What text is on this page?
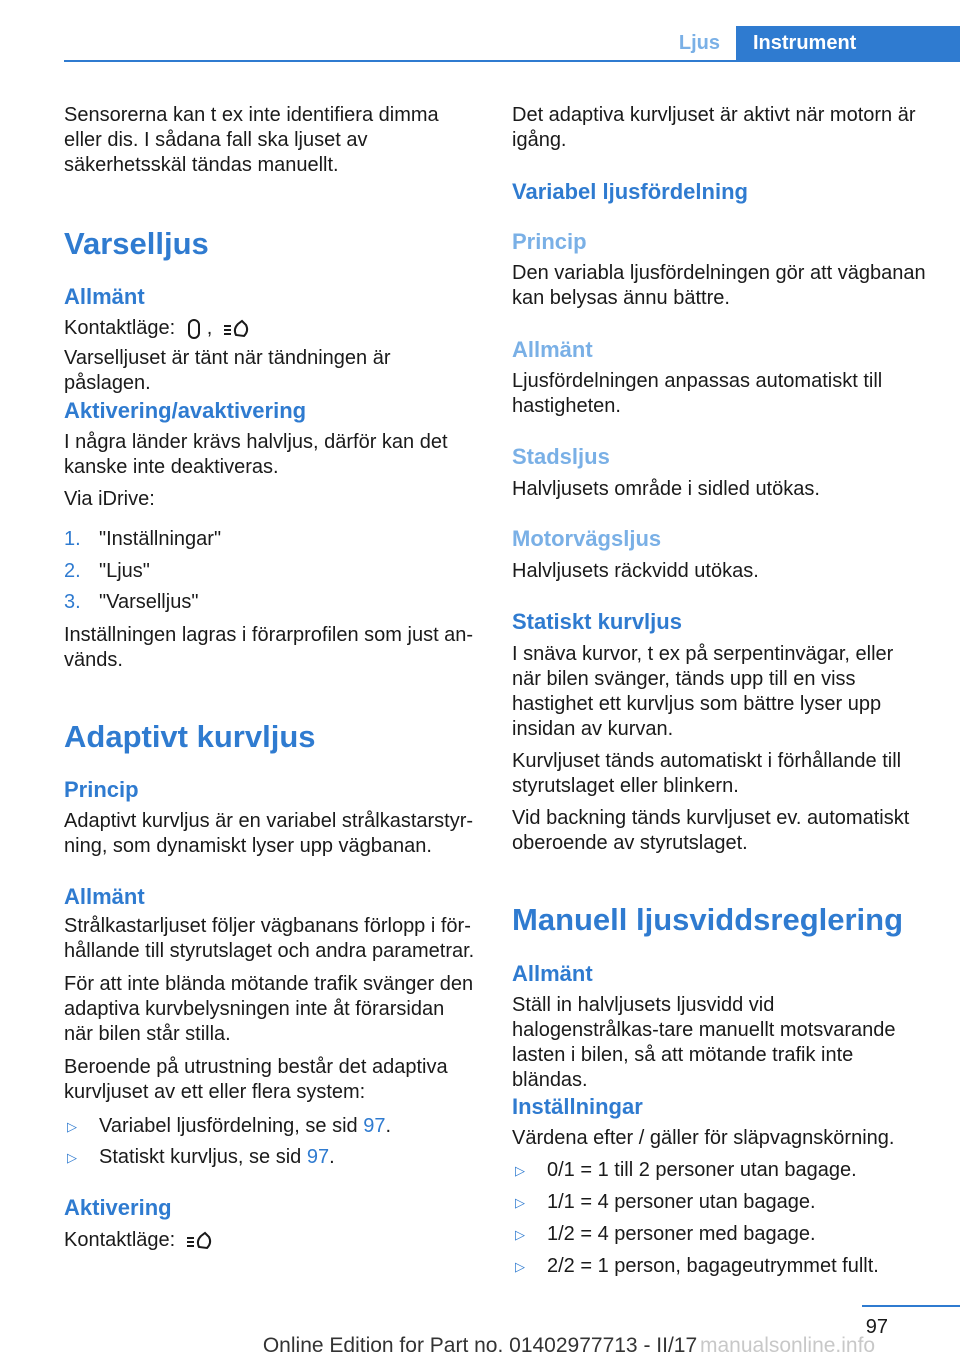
Ljus	Instrument

Sensorerna kan t ex inte identifiera dimma eller dis. I sådana fall ska ljuset av säkerhetsskäl tändas manuellt.

Varselljus
Allmänt

Kontaktläge: ,

Varselljuset är tänt när tändningen är påslagen.

Aktivering/avaktivering

I några länder krävs halvljus, därför kan det kanske inte deaktiveras.

Via iDrive:

1. "Inställningar"
2. "Ljus"
3. "Varselljus"

Inställningen lagras i förarprofilen som just an‐vänds.

Adaptivt kurvljus
Princip

Adaptivt kurvljus är en variabel strålkastarstyr‐ning, som dynamiskt lyser upp vägbanan.

Allmänt

Strålkastarljuset följer vägbanans förlopp i för‐hållande till styrutslaget och andra parametrar.

För att inte blända mötande trafik svänger den adaptiva kurvbelysningen inte åt förarsidan när bilen står stilla.

Beroende på utrustning består det adaptiva kurvljuset av ett eller flera system:

▷ Variabel ljusfördelning, se sid 97.
▷ Statiskt kurvljus, se sid 97.
Aktivering

Kontaktläge:

Det adaptiva kurvljuset är aktivt när motorn är igång.

Variabel ljusfördelning
Princip

Den variabla ljusfördelningen gör att vägbanan kan belysas ännu bättre.

Allmänt

Ljusfördelningen anpassas automatiskt till hastigheten.

Stadsljus

Halvljusets område i sidled utökas.

Motorvägsljus

Halvljusets räckvidd utökas.

Statiskt kurvljus

I snäva kurvor, t ex på serpentinvägar, eller när bilen svänger, tänds upp till en viss hastighet ett kurvljus som bättre lyser upp insidan av kurvan.

Kurvljuset tänds automatiskt i förhållande till styrutslaget eller blinkern.

Vid backning tänds kurvljuset ev. automatiskt oberoende av styrutslaget.

Manuell ljusviddsreglering
Allmänt

Ställ in halvljusets ljusvidd vid halogenstrålkas‐tare manuellt motsvarande lasten i bilen, så att mötande trafik inte bländas.

Inställningar

Värdena efter / gäller för släpvagnskörning.

▷ 0/1 = 1 till 2 personer utan bagage.
▷ 1/1 = 4 personer utan bagage.
▷ 1/2 = 4 personer med bagage.
▷ 2/2 = 1 person, bagageutrymmet fullt.
97
Online Edition for Part no. 01402977713 - II/17 manualsonline.info
